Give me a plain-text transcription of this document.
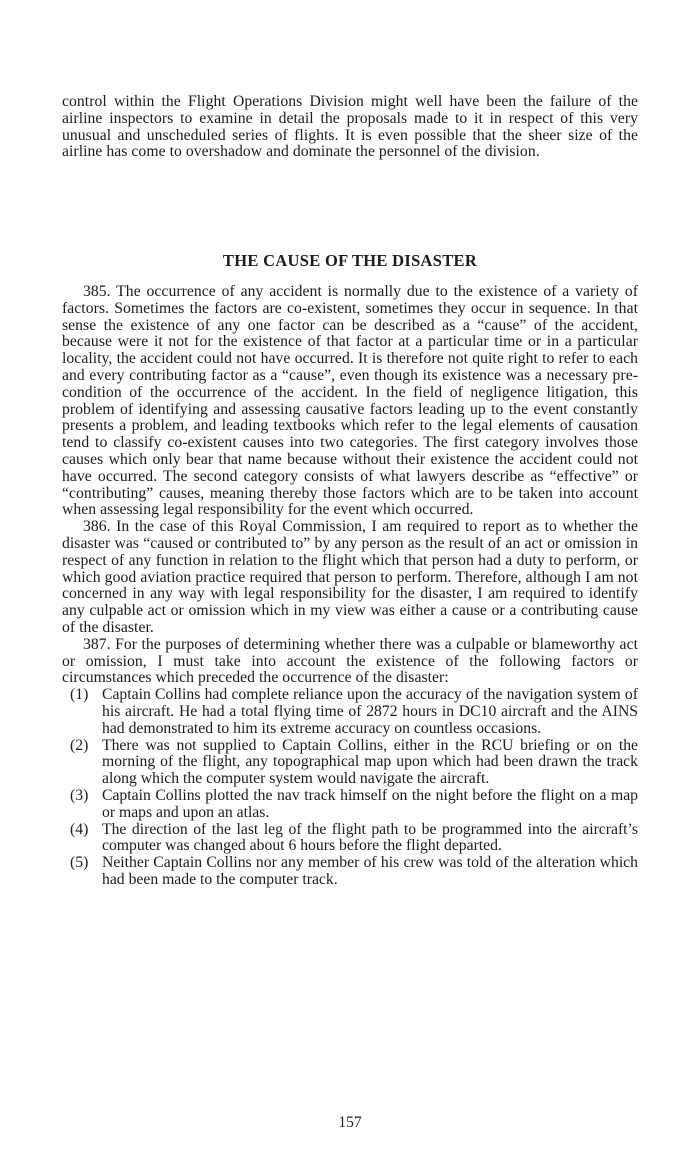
control within the Flight Operations Division might well have been the failure of the airline inspectors to examine in detail the proposals made to it in respect of this very unusual and unscheduled series of flights. It is even possible that the sheer size of the airline has come to overshadow and dominate the personnel of the division.

THE CAUSE OF THE DISASTER

385. The occurrence of any accident is normally due to the existence of a variety of factors. Sometimes the factors are co-existent, sometimes they occur in sequence. In that sense the existence of any one factor can be described as a “cause” of the accident, because were it not for the existence of that factor at a particular time or in a particular locality, the accident could not have occurred. It is therefore not quite right to refer to each and every contributing factor as a “cause”, even though its existence was a necessary pre-condition of the occurrence of the accident. In the field of negligence litigation, this problem of identifying and assessing causative factors leading up to the event constantly presents a problem, and leading textbooks which refer to the legal elements of causation tend to classify co-existent causes into two categories. The first category involves those causes which only bear that name because without their existence the accident could not have occurred. The second category consists of what lawyers describe as “effective” or “contributing” causes, meaning thereby those factors which are to be taken into account when assessing legal responsibility for the event which occurred.

386. In the case of this Royal Commission, I am required to report as to whether the disaster was “caused or contributed to” by any person as the result of an act or omission in respect of any function in relation to the flight which that person had a duty to perform, or which good aviation practice required that person to perform. Therefore, although I am not concerned in any way with legal responsibility for the disaster, I am required to identify any culpable act or omission which in my view was either a cause or a contributing cause of the disaster.

387. For the purposes of determining whether there was a culpable or blameworthy act or omission, I must take into account the existence of the following factors or circumstances which preceded the occurrence of the disaster:

(1) Captain Collins had complete reliance upon the accuracy of the navigation system of his aircraft. He had a total flying time of 2872 hours in DC10 aircraft and the AINS had demonstrated to him its extreme accuracy on countless occasions.
(2) There was not supplied to Captain Collins, either in the RCU briefing or on the morning of the flight, any topographical map upon which had been drawn the track along which the computer system would navigate the aircraft.
(3) Captain Collins plotted the nav track himself on the night before the flight on a map or maps and upon an atlas.
(4) The direction of the last leg of the flight path to be programmed into the aircraft’s computer was changed about 6 hours before the flight departed.
(5) Neither Captain Collins nor any member of his crew was told of the alteration which had been made to the computer track.
157
